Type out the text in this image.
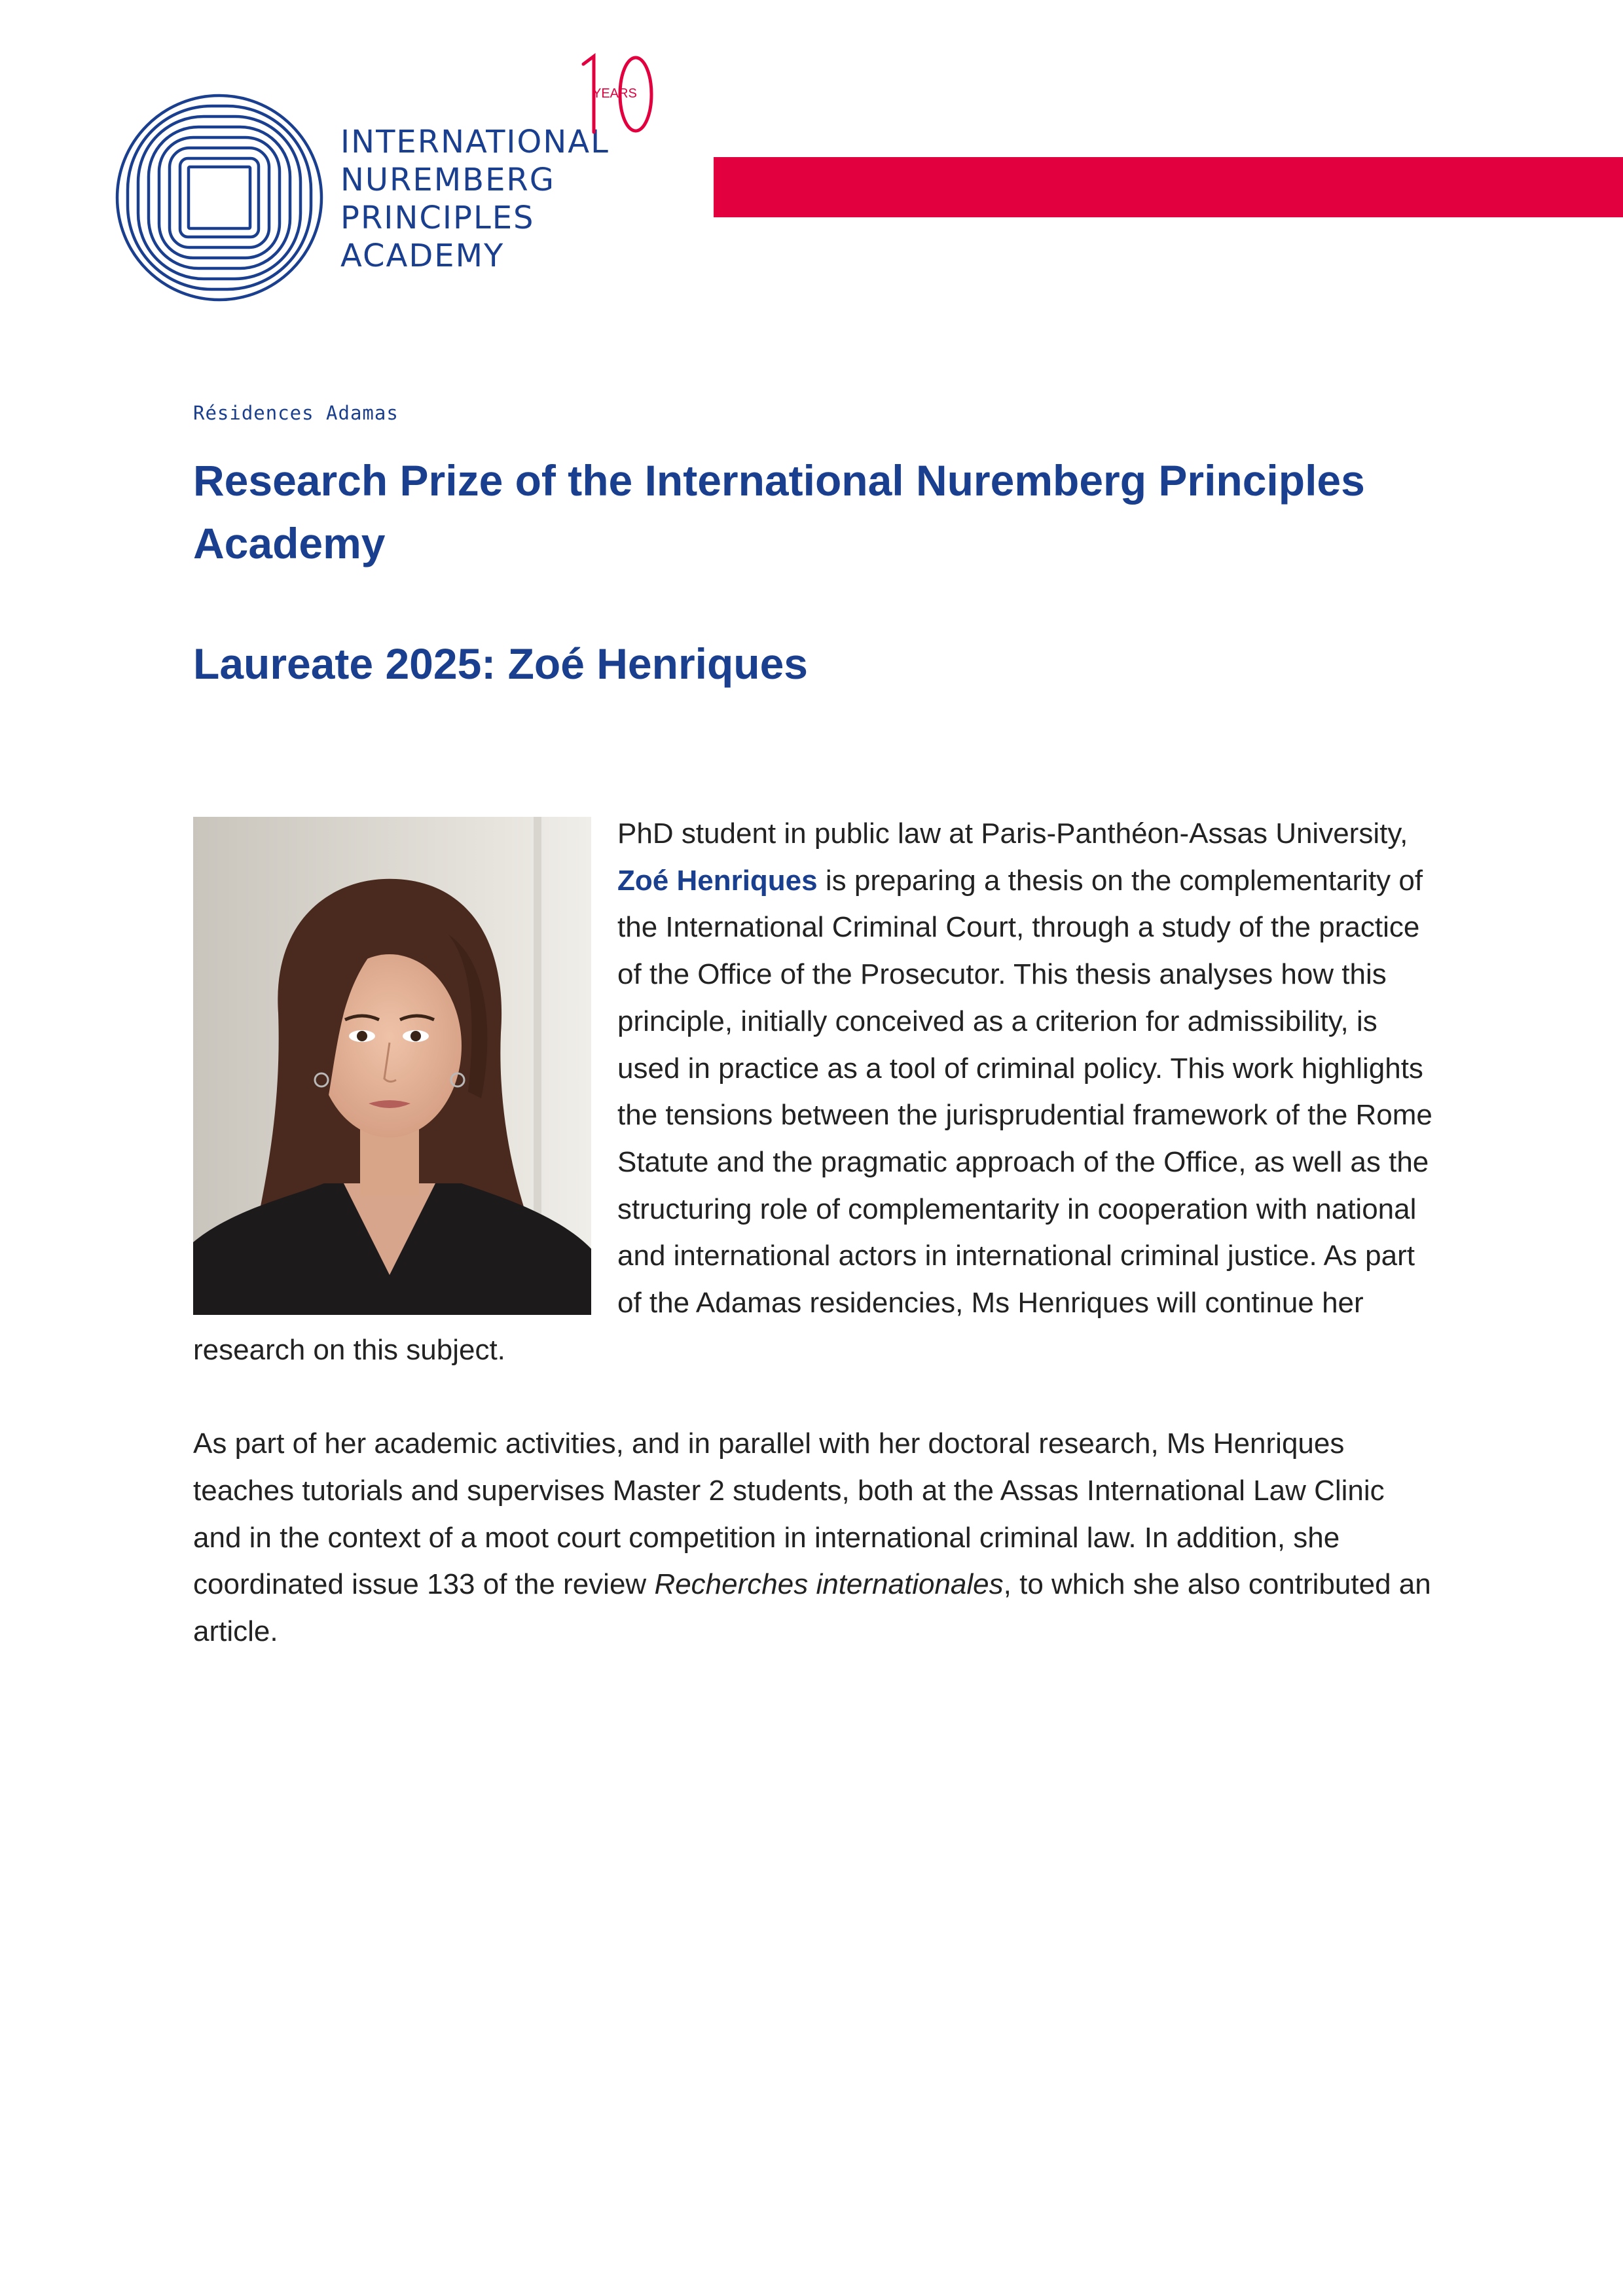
INTERNATIONAL
NUREMBERG
PRINCIPLES
ACADEMY
YEARS
Résidences Adamas
Research Prize of the International Nuremberg Principles Academy
Laureate 2025: Zoé Henriques

PhD student in public law at Paris-Panthéon-Assas University, Zoé Henriques is preparing a thesis on the complementarity of the International Criminal Court, through a study of the practice of the Office of the Prosecutor. This thesis analyses how this principle, initially conceived as a criterion for admissibility, is used in practice as a tool of criminal policy. This work highlights the tensions between the jurisprudential framework of the Rome Statute and the pragmatic approach of the Office, as well as the structuring role of complementarity in cooperation with national and international actors in international criminal justice. As part of the Adamas residencies, Ms Henriques will continue her research on this subject.

As part of her academic activities, and in parallel with her doctoral research, Ms Henriques teaches tutorials and supervises Master 2 students, both at the Assas International Law Clinic and in the context of a moot court competition in international criminal law. In addition, she coordinated issue 133 of the review Recherches internationales, to which she also contributed an article.
